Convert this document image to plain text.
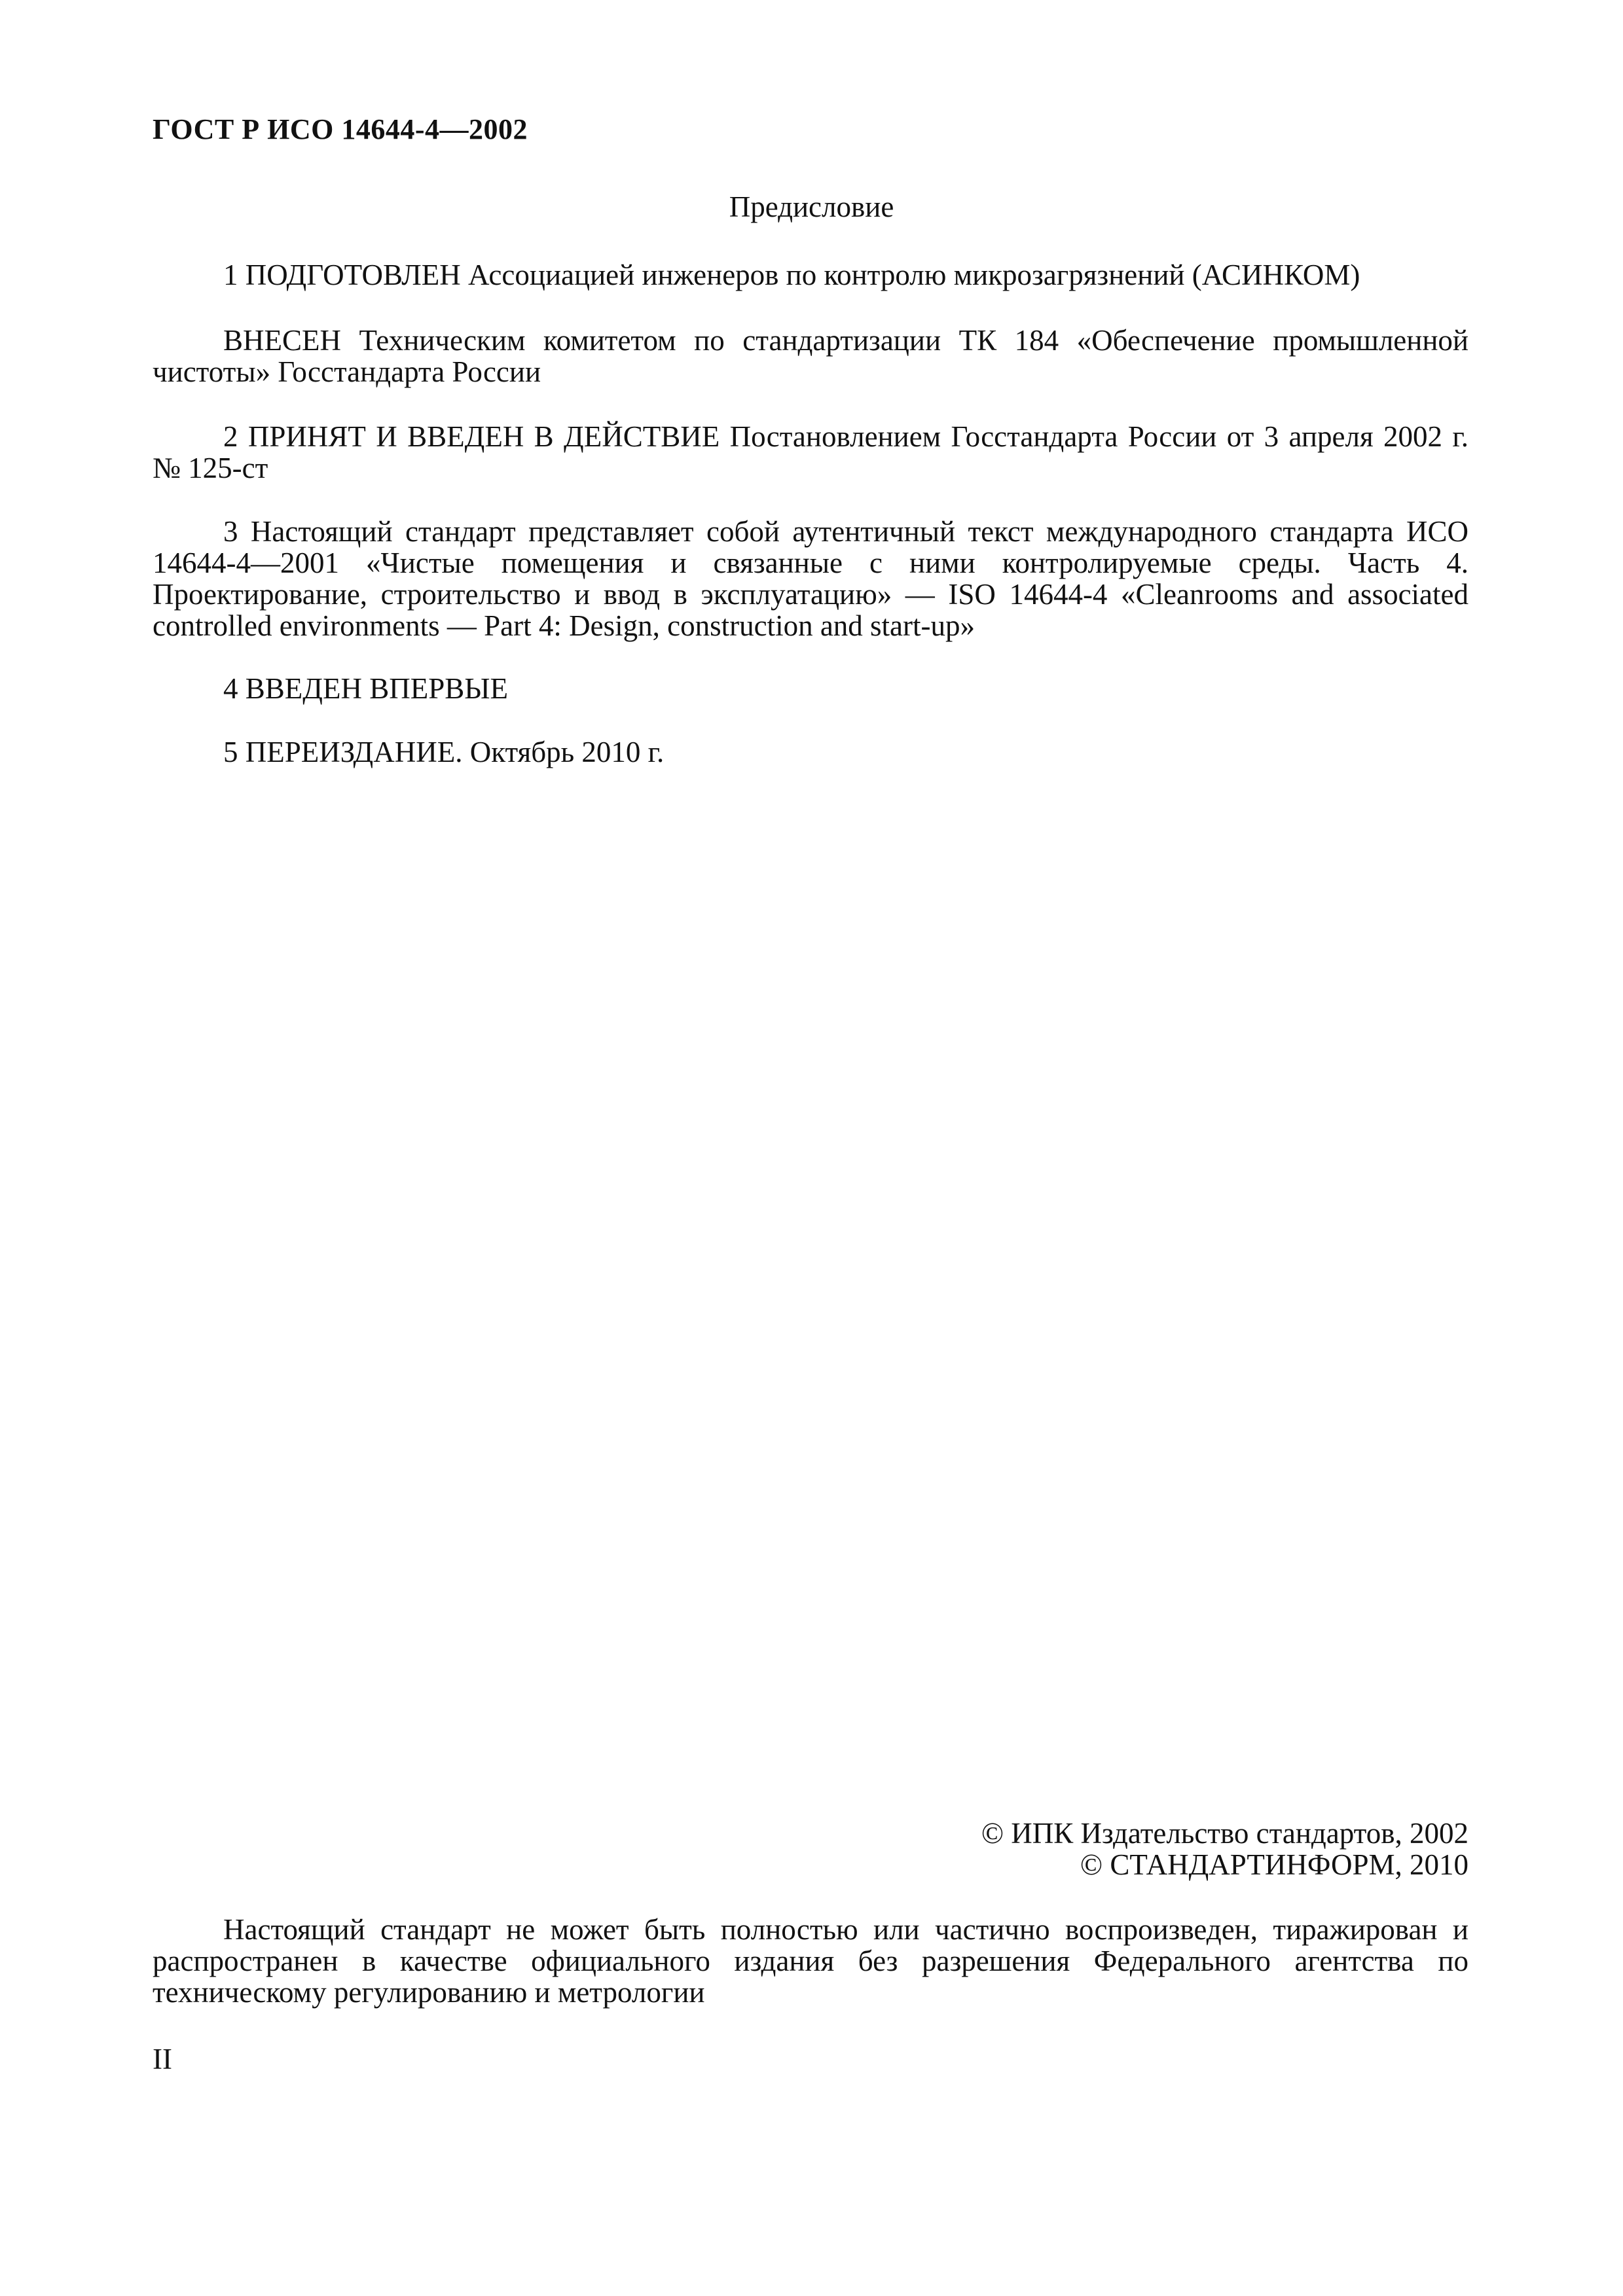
ГОСТ Р ИСО 14644-4—2002
Предисловие

1 ПОДГОТОВЛЕН Ассоциацией инженеров по контролю микрозагрязнений (АСИНКОМ)

ВНЕСЕН Техническим комитетом по стандартизации ТК 184 «Обеспечение промышленной чистоты» Госстандарта России

2 ПРИНЯТ И ВВЕДЕН В ДЕЙСТВИЕ Постановлением Госстандарта России от 3 апреля 2002 г. № 125-ст

3 Настоящий стандарт представляет собой аутентичный текст международного стандарта ИСО 14644-4—2001 «Чистые помещения и связанные с ними контролируемые среды. Часть 4. Проектирование, строительство и ввод в эксплуатацию» — ISO 14644-4 «Cleanrooms and associated controlled environments — Part 4: Design, construction and start-up»

4 ВВЕДЕН ВПЕРВЫЕ

5 ПЕРЕИЗДАНИЕ. Октябрь 2010 г.

© ИПК Издательство стандартов, 2002
© СТАНДАРТИНФОРМ, 2010

Настоящий стандарт не может быть полностью или частично воспроизведен, тиражирован и распространен в качестве официального издания без разрешения Федерального агентства по техническому регулированию и метрологии

II
